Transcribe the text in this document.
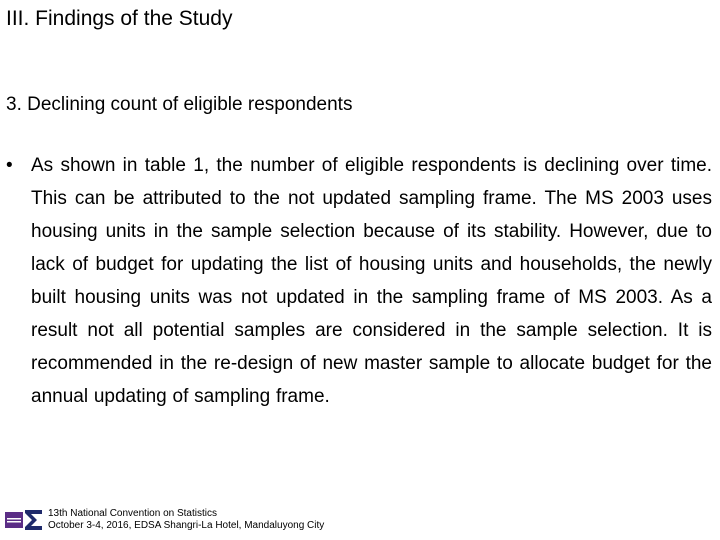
III. Findings of the Study
3. Declining count of eligible respondents
• As shown in table 1, the number of eligible respondents is declining over time. This can be attributed to the not updated sampling frame. The MS 2003 uses housing units in the sample selection because of its stability. However, due to lack of budget for updating the list of housing units and households, the newly built housing units was not updated in the sampling frame of MS 2003. As a result not all potential samples are considered in the sample selection. It is recommended in the re-design of new master sample to allocate budget for the annual updating of sampling frame.
13th National Convention on Statistics
October 3-4, 2016, EDSA Shangri-La Hotel, Mandaluyong City
